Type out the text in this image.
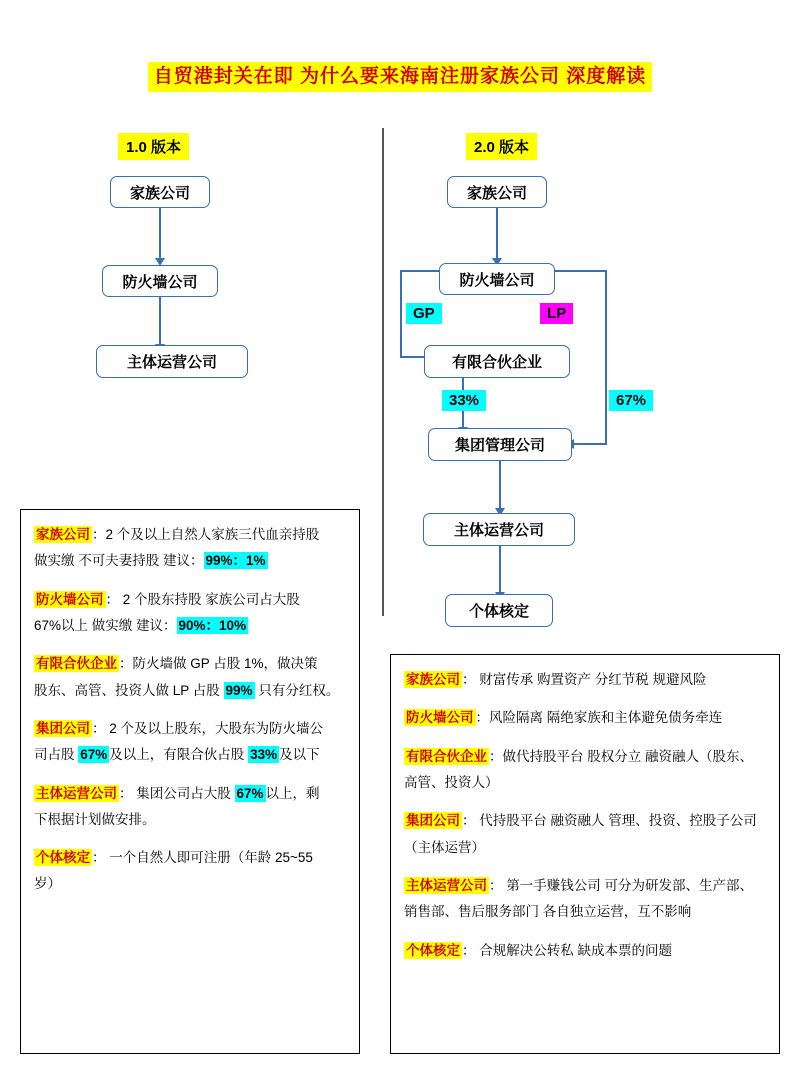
自贸港封关在即 为什么要来海南注册家族公司 深度解读
1.0 版本
家族公司
防火墙公司
主体运营公司
2.0 版本
家族公司
防火墙公司
GP	LP
有限合伙企业
33%	67%
集团管理公司
主体运营公司
个体核定

家族公司 ：2 个及以上自然人家族三代血亲持股
做实缴 不可夫妻持股 建议： 99%：1%

防火墙公司 ： 2 个股东持股 家族公司占大股
67%以上 做实缴 建议： 90%：10%

有限合伙企业 ：防火墙做 GP 占股 1%，做决策
股东、高管、投资人做 LP 占股 99% 只有分红权。

集团公司 ： 2 个及以上股东，大股东为防火墙公
司占股 67% 及以上，有限合伙占股 33% 及以下

主体运营公司 ： 集团公司占大股 67% 以上，剩
下根据计划做安排。

个体核定 ： 一个自然人即可注册（年龄 25~55
岁）

家族公司 ： 财富传承 购置资产 分红节税 规避风险

防火墙公司 ：风险隔离 隔绝家族和主体避免债务牵连

有限合伙企业 ：做代持股平台 股权分立 融资融人（股东、高管、投资人）

集团公司 ： 代持股平台 融资融人 管理、投资、控股子公司（主体运营）

主体运营公司 ： 第一手赚钱公司 可分为研发部、生产部、销售部、售后服务部门 各自独立运营，互不影响

个体核定 ： 合规解决公转私 缺成本票的问题
